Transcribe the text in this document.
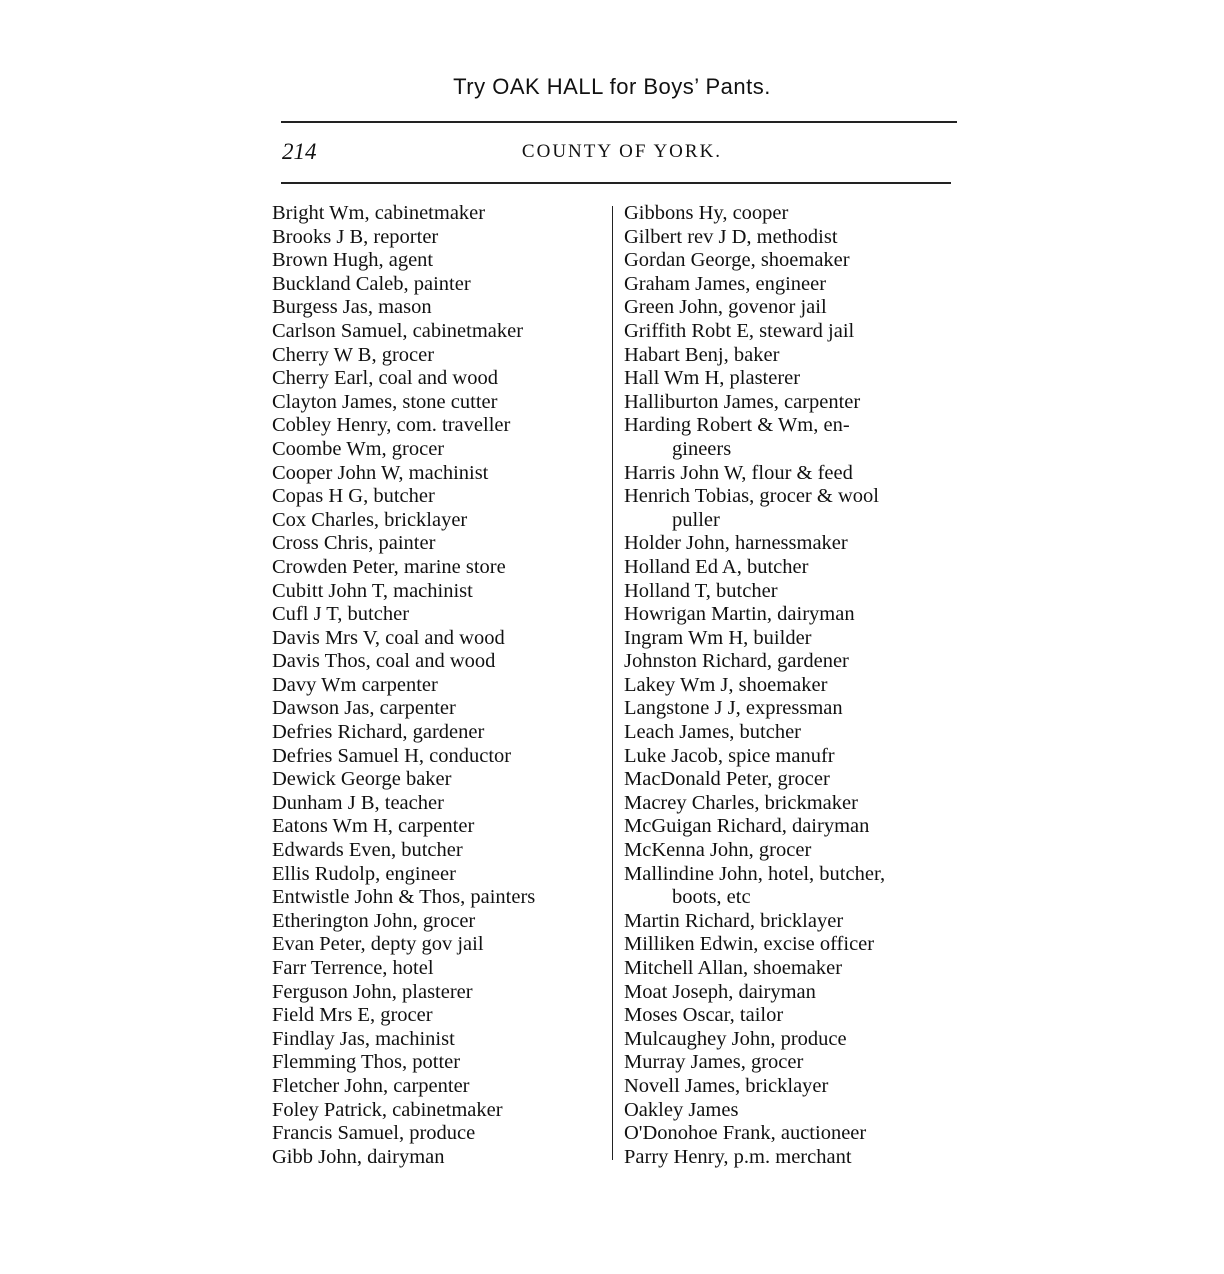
Try OAK HALL for Boys’ Pants.
214	COUNTY OF YORK.
Bright Wm, cabinetmaker
Brooks J B, reporter
Brown Hugh, agent
Buckland Caleb, painter
Burgess Jas, mason
Carlson Samuel, cabinetmaker
Cherry W B, grocer
Cherry Earl, coal and wood
Clayton James, stone cutter
Cobley Henry, com. traveller
Coombe Wm, grocer
Cooper John W, machinist
Copas H G, butcher
Cox Charles, bricklayer
Cross Chris, painter
Crowden Peter, marine store
Cubitt John T, machinist
Cufl J T, butcher
Davis Mrs V, coal and wood
Davis Thos, coal and wood
Davy Wm carpenter
Dawson Jas, carpenter
Defries Richard, gardener
Defries Samuel H, conductor
Dewick George baker
Dunham J B, teacher
Eatons Wm H, carpenter
Edwards Even, butcher
Ellis Rudolp, engineer
Entwistle John & Thos, painters
Etherington John, grocer
Evan Peter, depty gov jail
Farr Terrence, hotel
Ferguson John, plasterer
Field Mrs E, grocer
Findlay Jas, machinist
Flemming Thos, potter
Fletcher John, carpenter
Foley Patrick, cabinetmaker
Francis Samuel, produce
Gibb John, dairyman
Gibbons Hy, cooper
Gilbert rev J D, methodist
Gordan George, shoemaker
Graham James, engineer
Green John, govenor jail
Griffith Robt E, steward jail
Habart Benj, baker
Hall Wm H, plasterer
Halliburton James, carpenter
Harding Robert & Wm, en-
gineers
Harris John W, flour & feed
Henrich Tobias, grocer & wool
puller
Holder John, harnessmaker
Holland Ed A, butcher
Holland T, butcher
Howrigan Martin, dairyman
Ingram Wm H, builder
Johnston Richard, gardener
Lakey Wm J, shoemaker
Langstone J J, expressman
Leach James, butcher
Luke Jacob, spice manufr
MacDonald Peter, grocer
Macrey Charles, brickmaker
McGuigan Richard, dairyman
McKenna John, grocer
Mallindine John, hotel, butcher,
boots, etc
Martin Richard, bricklayer
Milliken Edwin, excise officer
Mitchell Allan, shoemaker
Moat Joseph, dairyman
Moses Oscar, tailor
Mulcaughey John, produce
Murray James, grocer
Novell James, bricklayer
Oakley James
O'Donohoe Frank, auctioneer
Parry Henry, p.m. merchant
